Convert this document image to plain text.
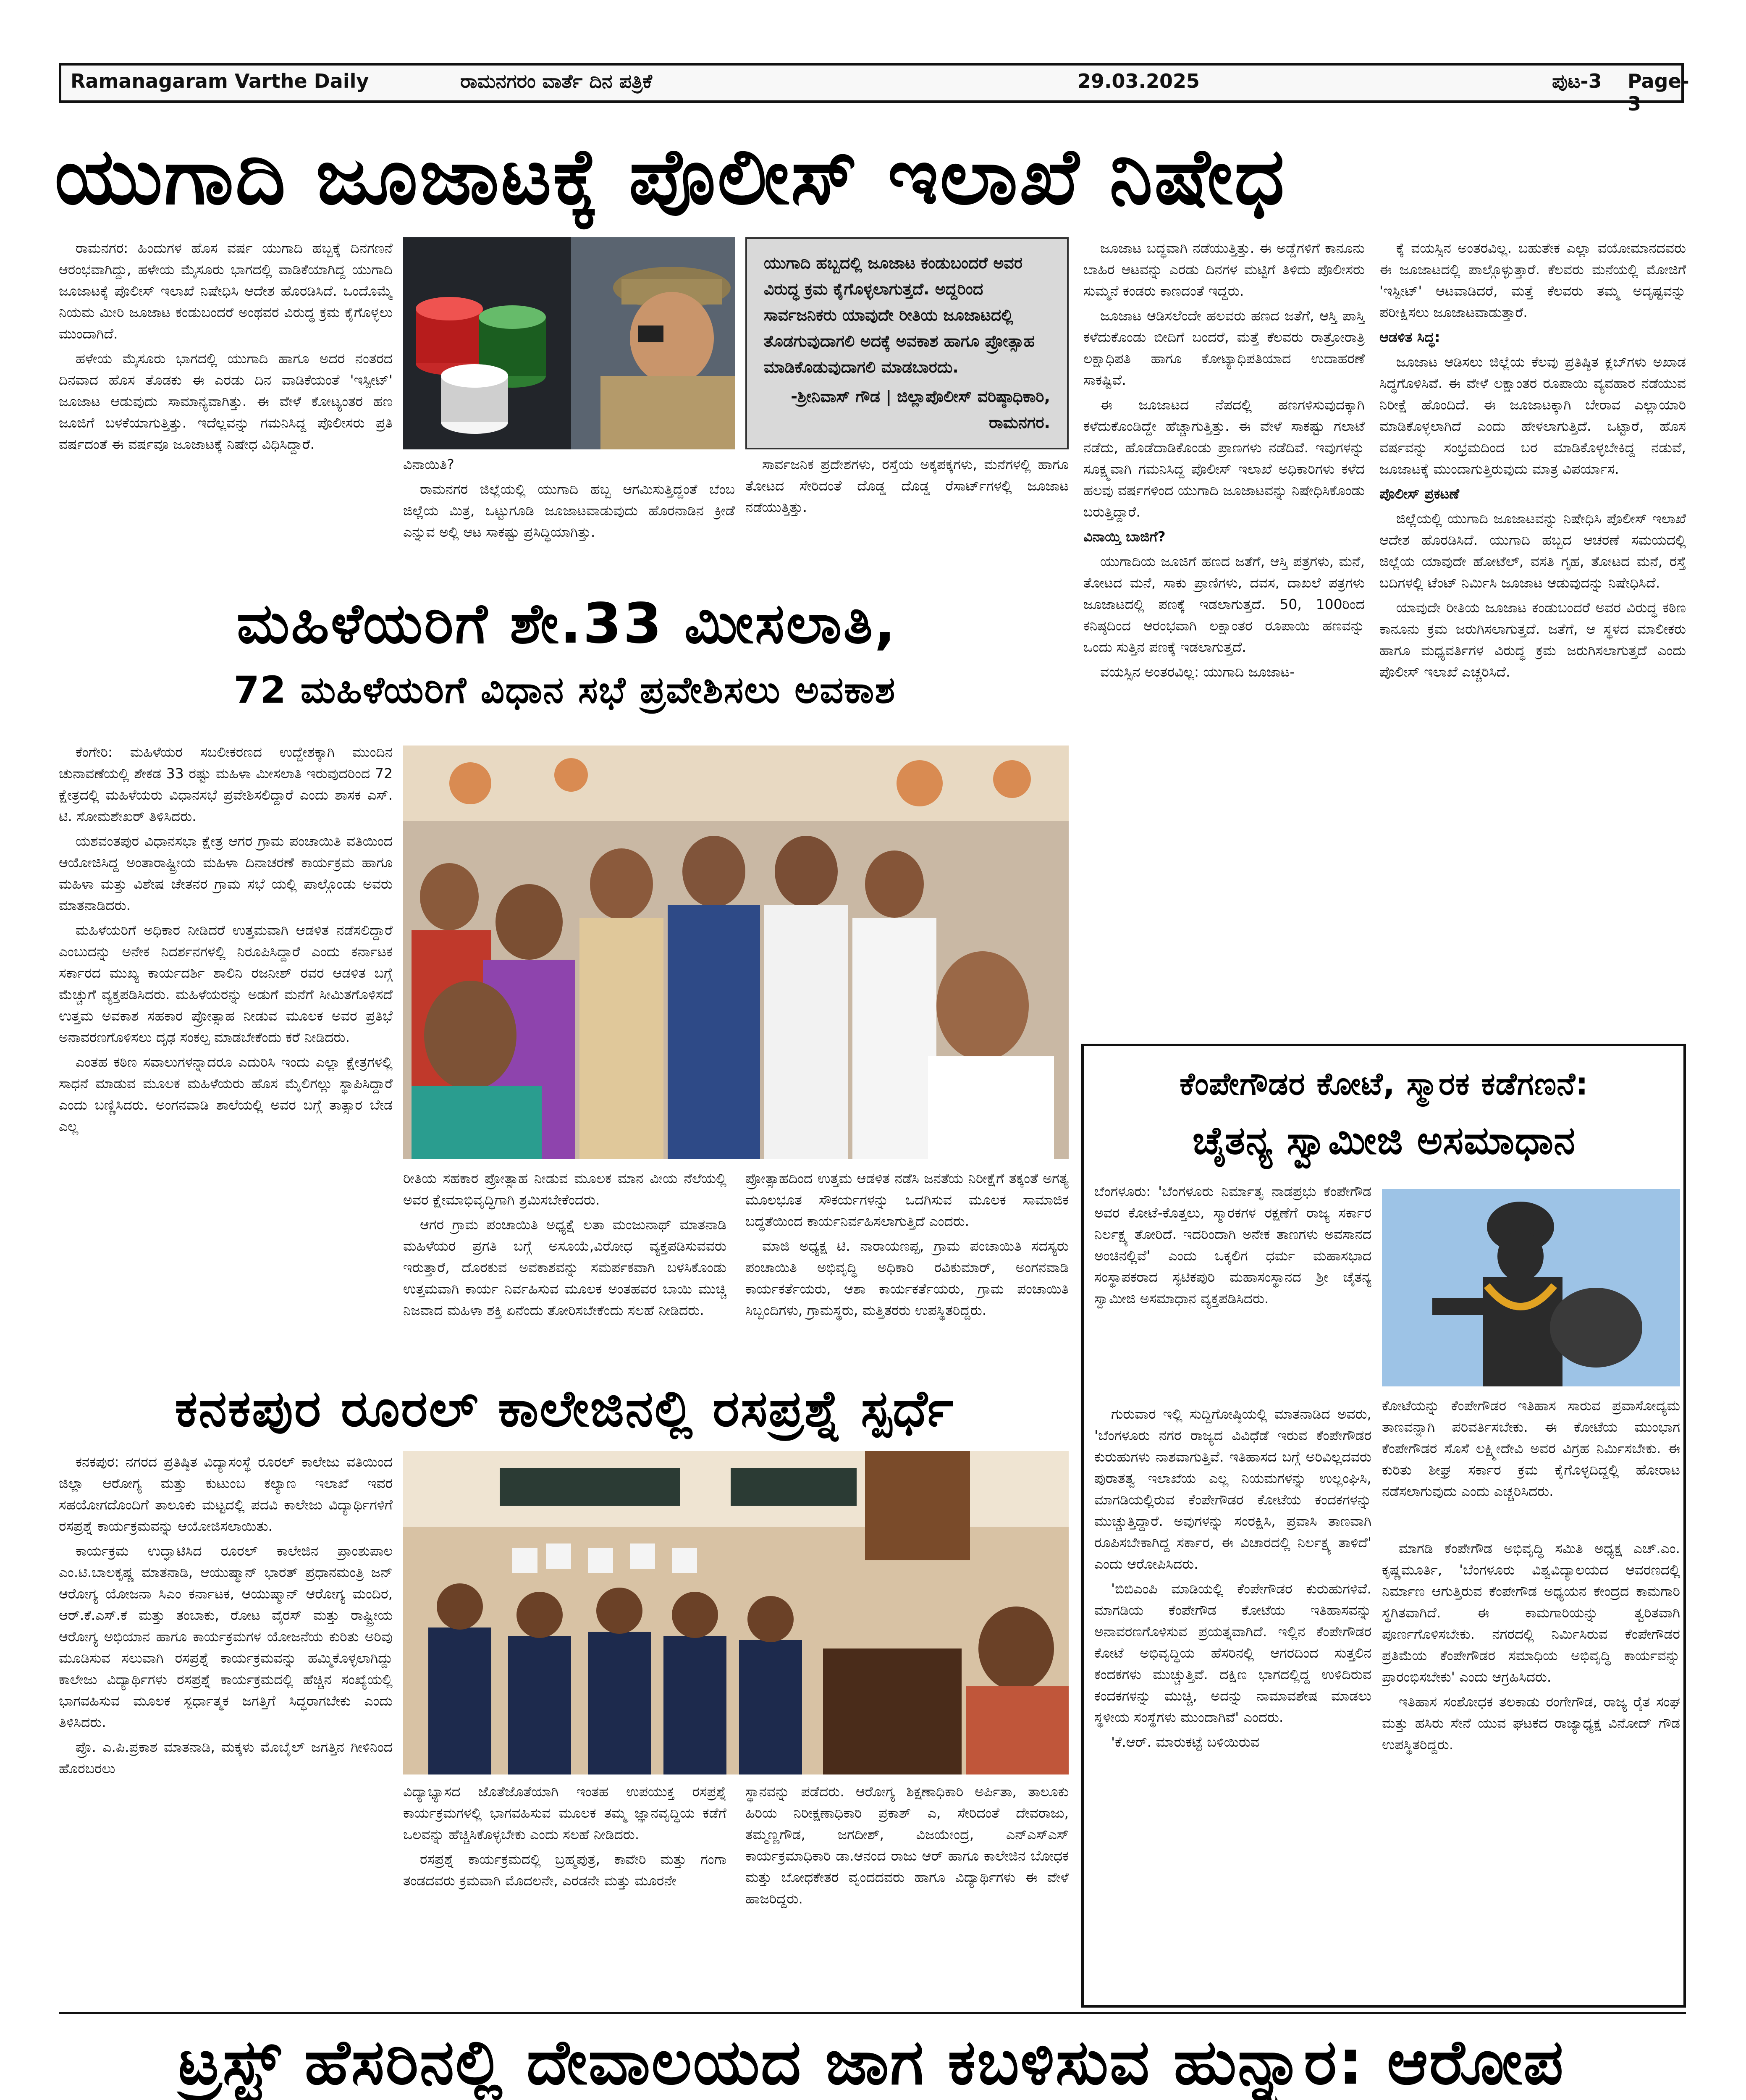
Ramanagaram Varthe Daily	ರಾಮನಗರಂ ವಾರ್ತೆ ದಿನ ಪತ್ರಿಕೆ	29.03.2025	ಪುಟ-3 Page-3
ಯುಗಾದಿ ಜೂಜಾಟಕ್ಕೆ ಪೊಲೀಸ್ ಇಲಾಖೆ ನಿಷೇಧ

ರಾಮನಗರ: ಹಿಂದುಗಳ ಹೊಸ ವರ್ಷ ಯುಗಾದಿ ಹಬ್ಬಕ್ಕೆ ದಿನಗಣನೆ ಆರಂಭವಾಗಿದ್ದು, ಹಳೇಯ ಮೈಸೂರು ಭಾಗದಲ್ಲಿ ವಾಡಿಕೆಯಾಗಿದ್ದ ಯುಗಾದಿ ಜೂಜಾಟಕ್ಕೆ ಪೊಲೀಸ್ ಇಲಾಖೆ ನಿಷೇಧಿಸಿ ಆದೇಶ ಹೊರಡಿಸಿದೆ. ಒಂದೊಮ್ಮೆ ನಿಯಮ ಮೀರಿ ಜೂಜಾಟ ಕಂಡುಬಂದರೆ ಅಂಥವರ ವಿರುದ್ಧ ಕ್ರಮ ಕೈಗೊಳ್ಳಲು ಮುಂದಾಗಿದೆ.

ಹಳೇಯ ಮೈಸೂರು ಭಾಗದಲ್ಲಿ ಯುಗಾದಿ ಹಾಗೂ ಅದರ ನಂತರದ ದಿನವಾದ ಹೊಸ ತೊಡಕು ಈ ಎರಡು ದಿನ ವಾಡಿಕೆಯಂತೆ 'ಇಸ್ಪೀಟ್' ಜೂಜಾಟ ಆಡುವುದು ಸಾಮಾನ್ಯವಾಗಿತ್ತು. ಈ ವೇಳೆ ಕೋಟ್ಯಂತರ ಹಣ ಜೂಜಿಗೆ ಬಳಕೆಯಾಗುತ್ತಿತ್ತು. ಇದೆಲ್ಲವನ್ನು ಗಮನಿಸಿದ್ದ ಪೊಲೀಸರು ಪ್ರತಿ ವರ್ಷದಂತೆ ಈ ವರ್ಷವೂ ಜೂಜಾಟಕ್ಕೆ ನಿಷೇಧ ವಿಧಿಸಿದ್ದಾರೆ.

ವಿನಾಯಿತಿ?

ರಾಮನಗರ ಜಿಲ್ಲೆಯಲ್ಲಿ ಯುಗಾದಿ ಹಬ್ಬ ಆಗಮಿಸುತ್ತಿದ್ದಂತೆ ಬೆಂಬ ಜಿಲ್ಲೆಯ ಮಿತ್ರ, ಒಟ್ಟುಗೂಡಿ ಜೂಜಾಟವಾಡುವುದು ಹೊರನಾಡಿನ ಕ್ರೀಡೆ ಎನ್ನುವ ಅಲ್ಲಿ ಆಟ ಸಾಕಷ್ಟು ಪ್ರಸಿದ್ಧಿಯಾಗಿತ್ತು.

ಯುಗಾದಿ ಹಬ್ಬದಲ್ಲಿ ಜೂಜಾಟ ಕಂಡುಬಂದರೆ ಅವರ ವಿರುದ್ಧ ಕ್ರಮ ಕೈಗೊಳ್ಳಲಾಗುತ್ತದೆ. ಅದ್ದರಿಂದ ಸಾರ್ವಜನಿಕರು ಯಾವುದೇ ರೀತಿಯ ಜೂಜಾಟದಲ್ಲಿ ತೊಡಗುವುದಾಗಲಿ ಅದಕ್ಕೆ ಅವಕಾಶ ಹಾಗೂ ಪ್ರೋತ್ಸಾಹ ಮಾಡಿಕೊಡುವುದಾಗಲಿ ಮಾಡಬಾರದು.
-ಶ್ರೀನಿವಾಸ್ ಗೌಡ | ಜಿಲ್ಲಾಪೊಲೀಸ್ ವರಿಷ್ಠಾಧಿಕಾರಿ, ರಾಮನಗರ.

ಸಾರ್ವಜನಿಕ ಪ್ರದೇಶಗಳು, ರಸ್ತೆಯ ಅಕ್ಕಪಕ್ಕಗಳು, ಮನೆಗಳಲ್ಲಿ ಹಾಗೂ ತೋಟದ ಸೇರಿದಂತೆ ದೊಡ್ಡ ದೊಡ್ಡ ರೆಸಾರ್ಟ್‌ಗಳಲ್ಲಿ ಜೂಜಾಟ ನಡೆಯುತ್ತಿತ್ತು.

ಜೂಜಾಟ ಬದ್ಧವಾಗಿ ನಡೆಯುತ್ತಿತ್ತು. ಈ ಅಡ್ಡೆಗಳಿಗೆ ಕಾನೂನು ಬಾಹಿರ ಆಟವನ್ನು ಎರಡು ದಿನಗಳ ಮಟ್ಟಿಗೆ ತಿಳಿದು ಪೊಲೀಸರು ಸುಮ್ಮನೆ ಕಂಡರು ಕಾಣದಂತೆ ಇದ್ದರು.

ಜೂಜಾಟ ಆಡಿಸಲೆಂದೇ ಹಲವರು ಹಣದ ಜತೆಗೆ, ಆಸ್ತಿ ಪಾಸ್ತಿ ಕಳೆದುಕೊಂಡು ಬೀದಿಗೆ ಬಂದರೆ, ಮತ್ತೆ ಕೆಲವರು ರಾತ್ರೋರಾತ್ರಿ ಲಕ್ಷಾಧಿಪತಿ ಹಾಗೂ ಕೋಟ್ಯಾಧಿಪತಿಯಾದ ಉದಾಹರಣೆ ಸಾಕಷ್ಟಿವೆ.

ಈ ಜೂಜಾಟದ ನೆಪದಲ್ಲಿ ಹಣಗಳಿಸುವುದಕ್ಕಾಗಿ ಕಳೆದುಕೊಂಡಿದ್ದೇ ಹೆಚ್ಚಾಗುತ್ತಿತ್ತು. ಈ ವೇಳೆ ಸಾಕಷ್ಟು ಗಲಾಟೆ ನಡೆದು, ಹೊಡೆದಾಡಿಕೊಂಡು ಪ್ರಾಣಗಳು ನಡೆದಿವೆ. ಇವುಗಳನ್ನು ಸೂಕ್ಷ್ಮವಾಗಿ ಗಮನಿಸಿದ್ದ ಪೊಲೀಸ್ ಇಲಾಖೆ ಅಧಿಕಾರಿಗಳು ಕಳೆದ ಹಲವು ವರ್ಷಗಳಿಂದ ಯುಗಾದಿ ಜೂಜಾಟವನ್ನು ನಿಷೇಧಿಸಿಕೊಂಡು ಬರುತ್ತಿದ್ದಾರೆ.

ವಿನಾಯ್ತಿ ಬಾಜಿಗೆ?

ಯುಗಾದಿಯ ಜೂಜಿಗೆ ಹಣದ ಜತೆಗೆ, ಆಸ್ತಿ ಪತ್ರಗಳು, ಮನೆ, ತೋಟದ ಮನೆ, ಸಾಕು ಪ್ರಾಣಿಗಳು, ದವಸ, ದಾಖಲೆ ಪತ್ರಗಳು ಜೂಜಾಟದಲ್ಲಿ ಪಣಕ್ಕೆ ಇಡಲಾಗುತ್ತದೆ. 50, 100ರಿಂದ ಕನಿಷ್ಠದಿಂದ ಆರಂಭವಾಗಿ ಲಕ್ಷಾಂತರ ರೂಪಾಯಿ ಹಣವನ್ನು ಒಂದು ಸುತ್ತಿನ ಪಣಕ್ಕೆ ಇಡಲಾಗುತ್ತದೆ.

ವಯಸ್ಸಿನ ಅಂತರವಿಲ್ಲ: ಯುಗಾದಿ ಜೂಜಾಟ-

ಕ್ಕೆ ವಯಸ್ಸಿನ ಅಂತರವಿಲ್ಲ. ಬಹುತೇಕ ಎಲ್ಲಾ ವಯೋಮಾನದವರು ಈ ಜೂಜಾಟದಲ್ಲಿ ಪಾಲ್ಗೊಳ್ಳುತ್ತಾರೆ. ಕೆಲವರು ಮನೆಯಲ್ಲಿ ಮೋಜಿಗೆ 'ಇಸ್ಪೀಟ್' ಆಟವಾಡಿದರೆ, ಮತ್ತೆ ಕೆಲವರು ತಮ್ಮ ಅದೃಷ್ಟವನ್ನು ಪರೀಕ್ಷಿಸಲು ಜೂಜಾಟವಾಡುತ್ತಾರೆ.

ಆಡಳಿತ ಸಿದ್ಧ:

ಜೂಜಾಟ ಆಡಿಸಲು ಜಿಲ್ಲೆಯ ಕೆಲವು ಪ್ರತಿಷ್ಠಿತ ಕ್ಲಬ್‌ಗಳು ಅಖಾಡ ಸಿದ್ಧಗೊಳಿಸಿವೆ. ಈ ವೇಳೆ ಲಕ್ಷಾಂತರ ರೂಪಾಯಿ ವ್ಯವಹಾರ ನಡೆಯುವ ನಿರೀಕ್ಷೆ ಹೊಂದಿದೆ. ಈ ಜೂಜಾಟಕ್ಕಾಗಿ ಬೇರಾವ ಎಲ್ಲಾಯಾರಿ ಮಾಡಿಕೊಳ್ಳಲಾಗಿದೆ ಎಂದು ಹೇಳಲಾಗುತ್ತಿದೆ. ಒಟ್ಟಾರೆ, ಹೊಸ ವರ್ಷವನ್ನು ಸಂಭ್ರಮದಿಂದ ಬರ ಮಾಡಿಕೊಳ್ಳಬೇಕಿದ್ದ ನಡುವೆ, ಜೂಜಾಟಕ್ಕೆ ಮುಂದಾಗುತ್ತಿರುವುದು ಮಾತ್ರ ವಿಪರ್ಯಾಸ.

ಪೊಲೀಸ್ ಪ್ರಕಟಣೆ

ಜಿಲ್ಲೆಯಲ್ಲಿ ಯುಗಾದಿ ಜೂಜಾಟವನ್ನು ನಿಷೇಧಿಸಿ ಪೊಲೀಸ್ ಇಲಾಖೆ ಆದೇಶ ಹೊರಡಿಸಿದೆ. ಯುಗಾದಿ ಹಬ್ಬದ ಆಚರಣೆ ಸಮಯದಲ್ಲಿ ಜಿಲ್ಲೆಯ ಯಾವುದೇ ಹೋಟೆಲ್, ವಸತಿ ಗೃಹ, ತೋಟದ ಮನೆ, ರಸ್ತೆ ಬದಿಗಳಲ್ಲಿ ಟೆಂಟ್ ನಿರ್ಮಿಸಿ ಜೂಜಾಟ ಆಡುವುದನ್ನು ನಿಷೇಧಿಸಿದೆ.

ಯಾವುದೇ ರೀತಿಯ ಜೂಜಾಟ ಕಂಡುಬಂದರೆ ಅವರ ವಿರುದ್ಧ ಕಠಿಣ ಕಾನೂನು ಕ್ರಮ ಜರುಗಿಸಲಾಗುತ್ತದೆ. ಜತೆಗೆ, ಆ ಸ್ಥಳದ ಮಾಲೀಕರು ಹಾಗೂ ಮಧ್ಯವರ್ತಿಗಳ ವಿರುದ್ಧ ಕ್ರಮ ಜರುಗಿಸಲಾಗುತ್ತದೆ ಎಂದು ಪೊಲೀಸ್ ಇಲಾಖೆ ಎಚ್ಚರಿಸಿದೆ.

ಮಹಿಳೆಯರಿಗೆ ಶೇ.33 ಮೀಸಲಾತಿ,
72 ಮಹಿಳೆಯರಿಗೆ ವಿಧಾನ ಸಭೆ ಪ್ರವೇಶಿಸಲು ಅವಕಾಶ

ಕೆಂಗೇರಿ: ಮಹಿಳೆಯರ ಸಬಲೀಕರಣದ ಉದ್ದೇಶಕ್ಕಾಗಿ ಮುಂದಿನ ಚುನಾವಣೆಯಲ್ಲಿ ಶೇಕಡ 33 ರಷ್ಟು ಮಹಿಳಾ ಮೀಸಲಾತಿ ಇರುವುದರಿಂದ 72 ಕ್ಷೇತ್ರದಲ್ಲಿ ಮಹಿಳೆಯರು ವಿಧಾನಸಭೆ ಪ್ರವೇಶಿಸಲಿದ್ದಾರೆ ಎಂದು ಶಾಸಕ ಎಸ್. ಟಿ. ಸೋಮಶೇಖರ್ ತಿಳಿಸಿದರು.

ಯಶವಂತಪುರ ವಿಧಾನಸಭಾ ಕ್ಷೇತ್ರ ಆಗರ ಗ್ರಾಮ ಪಂಚಾಯಿತಿ ವತಿಯಿಂದ ಆಯೋಜಿಸಿದ್ದ ಅಂತಾರಾಷ್ಟ್ರೀಯ ಮಹಿಳಾ ದಿನಾಚರಣೆ ಕಾರ್ಯಕ್ರಮ ಹಾಗೂ ಮಹಿಳಾ ಮತ್ತು ವಿಶೇಷ ಚೇತನರ ಗ್ರಾಮ ಸಭೆ ಯಲ್ಲಿ ಪಾಲ್ಗೊಂಡು ಅವರು ಮಾತನಾಡಿದರು.

ಮಹಿಳೆಯರಿಗೆ ಅಧಿಕಾರ ನೀಡಿದರೆ ಉತ್ತಮವಾಗಿ ಆಡಳಿತ ನಡೆಸಲಿದ್ದಾರೆ ಎಂಬುದನ್ನು ಅನೇಕ ನಿದರ್ಶನಗಳಲ್ಲಿ ನಿರೂಪಿಸಿದ್ದಾರೆ ಎಂದು ಕರ್ನಾಟಕ ಸರ್ಕಾರದ ಮುಖ್ಯ ಕಾರ್ಯದರ್ಶಿ ಶಾಲಿನಿ ರಜನೀಶ್ ರವರ ಆಡಳಿತ ಬಗ್ಗೆ ಮೆಚ್ಚುಗೆ ವ್ಯಕ್ತಪಡಿಸಿದರು. ಮಹಿಳೆಯರನ್ನು ಅಡುಗೆ ಮನೆಗೆ ಸೀಮಿತಗೊಳಿಸದೆ ಉತ್ತಮ ಅವಕಾಶ ಸಹಕಾರ ಪ್ರೋತ್ಸಾಹ ನೀಡುವ ಮೂಲಕ ಅವರ ಪ್ರತಿಭೆ ಅನಾವರಣಗೊಳಿಸಲು ದೃಢ ಸಂಕಲ್ಪ ಮಾಡಬೇಕೆಂದು ಕರೆ ನೀಡಿದರು.

ಎಂತಹ ಕಠಿಣ ಸವಾಲುಗಳನ್ನಾದರೂ ಎದುರಿಸಿ ಇಂದು ಎಲ್ಲಾ ಕ್ಷೇತ್ರಗಳಲ್ಲಿ ಸಾಧನೆ ಮಾಡುವ ಮೂಲಕ ಮಹಿಳೆಯರು ಹೊಸ ಮೈಲಿಗಲ್ಲು ಸ್ಥಾಪಿಸಿದ್ದಾರೆ ಎಂದು ಬಣ್ಣಿಸಿದರು. ಅಂಗನವಾಡಿ ಶಾಲೆಯಲ್ಲಿ ಅವರ ಬಗ್ಗೆ ತಾತ್ಸಾರ ಬೇಡ ಎಲ್ಲ

ರೀತಿಯ ಸಹಕಾರ ಪ್ರೋತ್ಸಾಹ ನೀಡುವ ಮೂಲಕ ಮಾನ ವೀಯ ನೆಲೆಯಲ್ಲಿ ಅವರ ಕ್ಷೇಮಾಭಿವೃದ್ಧಿಗಾಗಿ ಶ್ರಮಿಸಬೇಕೆಂದರು.

ಆಗರ ಗ್ರಾಮ ಪಂಚಾಯಿತಿ ಅಧ್ಯಕ್ಷೆ ಲತಾ ಮಂಜುನಾಥ್ ಮಾತನಾಡಿ ಮಹಿಳೆಯರ ಪ್ರಗತಿ ಬಗ್ಗೆ ಅಸೂಯೆ,ವಿರೋಧ ವ್ಯಕ್ತಪಡಿಸುವವರು ಇರುತ್ತಾರೆ, ದೊರಕುವ ಅವಕಾಶವನ್ನು ಸಮರ್ಪಕವಾಗಿ ಬಳಸಿಕೊಂಡು ಉತ್ತಮವಾಗಿ ಕಾರ್ಯ ನಿರ್ವಹಿಸುವ ಮೂಲಕ ಅಂತಹವರ ಬಾಯಿ ಮುಚ್ಚಿ ನಿಜವಾದ ಮಹಿಳಾ ಶಕ್ತಿ ಏನೆಂದು ತೋರಿಸಬೇಕೆಂದು ಸಲಹೆ ನೀಡಿದರು.

ಪ್ರೋತ್ಸಾಹದಿಂದ ಉತ್ತಮ ಆಡಳಿತ ನಡೆಸಿ ಜನತೆಯ ನಿರೀಕ್ಷೆಗೆ ತಕ್ಕಂತೆ ಅಗತ್ಯ ಮೂಲಭೂತ ಸೌಕರ್ಯಗಳನ್ನು ಒದಗಿಸುವ ಮೂಲಕ ಸಾಮಾಜಿಕ ಬದ್ಧತೆಯಿಂದ ಕಾರ್ಯನಿರ್ವಹಿಸಲಾಗುತ್ತಿದೆ ಎಂದರು.

ಮಾಜಿ ಅಧ್ಯಕ್ಷ ಟಿ. ನಾರಾಯಣಪ್ಪ, ಗ್ರಾಮ ಪಂಚಾಯಿತಿ ಸದಸ್ಯರು ಪಂಚಾಯಿತಿ ಅಭಿವೃದ್ಧಿ ಅಧಿಕಾರಿ ರವಿಕುಮಾರ್, ಅಂಗನವಾಡಿ ಕಾರ್ಯಕರ್ತೆಯರು, ಆಶಾ ಕಾರ್ಯಕರ್ತೆಯರು, ಗ್ರಾಮ ಪಂಚಾಯಿತಿ ಸಿಬ್ಬಂದಿಗಳು, ಗ್ರಾಮಸ್ಥರು, ಮತ್ತಿತರರು ಉಪಸ್ಥಿತರಿದ್ದರು.

ಕೆಂಪೇಗೌಡರ ಕೋಟೆ, ಸ್ಮಾರಕ ಕಡೆಗಣನೆ:
ಚೈತನ್ಯ ಸ್ವಾಮೀಜಿ ಅಸಮಾಧಾನ

ಬೆಂಗಳೂರು: 'ಬೆಂಗಳೂರು ನಿರ್ಮಾತೃ ನಾಡಪ್ರಭು ಕೆಂಪೇಗೌಡ ಅವರ ಕೋಟೆ-ಕೊತ್ತಲು, ಸ್ಮಾರಕಗಳ ರಕ್ಷಣೆಗೆ ರಾಜ್ಯ ಸರ್ಕಾರ ನಿರ್ಲಕ್ಷ್ಯ ತೋರಿದೆ. ಇದರಿಂದಾಗಿ ಅನೇಕ ತಾಣಗಳು ಅವಸಾನದ ಅಂಚಿನಲ್ಲಿವೆ' ಎಂದು ಒಕ್ಕಲಿಗ ಧರ್ಮ ಮಹಾಸಭಾದ ಸಂಸ್ಥಾಪಕರಾದ ಸ್ಫಟಿಕಪುರಿ ಮಹಾಸಂಸ್ಥಾನದ ಶ್ರೀ ಚೈತನ್ಯ ಸ್ವಾಮೀಜಿ ಅಸಮಾಧಾನ ವ್ಯಕ್ತಪಡಿಸಿದರು.

ಕೋಟೆಯನ್ನು ಕೆಂಪೇಗೌಡರ ಇತಿಹಾಸ ಸಾರುವ ಪ್ರವಾಸೋದ್ಯಮ ತಾಣವನ್ನಾಗಿ ಪರಿವರ್ತಿಸಬೇಕು. ಈ ಕೋಟೆಯ ಮುಂಭಾಗ ಕೆಂಪೇಗೌಡರ ಸೊಸೆ ಲಕ್ಷ್ಮೀದೇವಿ ಅವರ ವಿಗ್ರಹ ನಿರ್ಮಿಸಬೇಕು. ಈ ಕುರಿತು ಶೀಘ್ರ ಸರ್ಕಾರ ಕ್ರಮ ಕೈಗೊಳ್ಳದಿದ್ದಲ್ಲಿ ಹೋರಾಟ ನಡೆಸಲಾಗುವುದು ಎಂದು ಎಚ್ಚರಿಸಿದರು.

ಗುರುವಾರ ಇಲ್ಲಿ ಸುದ್ದಿಗೋಷ್ಠಿಯಲ್ಲಿ ಮಾತನಾಡಿದ ಅವರು, 'ಬೆಂಗಳೂರು ನಗರ ರಾಜ್ಯದ ವಿವಿಧೆಡೆ ಇರುವ ಕೆಂಪೇಗೌಡರ ಕುರುಹುಗಳು ನಾಶವಾಗುತ್ತಿವೆ. ಇತಿಹಾಸದ ಬಗ್ಗೆ ಅರಿವಿಲ್ಲದವರು ಪುರಾತತ್ವ ಇಲಾಖೆಯ ಎಲ್ಲ ನಿಯಮಗಳನ್ನು ಉಲ್ಲಂಘಿಸಿ, ಮಾಗಡಿಯಲ್ಲಿರುವ ಕೆಂಪೇಗೌಡರ ಕೋಟೆಯ ಕಂದಕಗಳನ್ನು ಮುಚ್ಚುತ್ತಿದ್ದಾರೆ. ಅವುಗಳನ್ನು ಸಂರಕ್ಷಿಸಿ, ಪ್ರವಾಸಿ ತಾಣವಾಗಿ ರೂಪಿಸಬೇಕಾಗಿದ್ದ ಸರ್ಕಾರ, ಈ ವಿಚಾರದಲ್ಲಿ ನಿರ್ಲಕ್ಷ್ಯ ತಾಳಿದೆ' ಎಂದು ಆರೋಪಿಸಿದರು.

'ಬಿಬಿಎಂಪಿ ಮಾಡಿಯಲ್ಲಿ ಕೆಂಪೇಗೌಡರ ಕುರುಹುಗಳಿವೆ. ಮಾಗಡಿಯ ಕೆಂಪೇಗೌಡ ಕೋಟೆಯ ಇತಿಹಾಸವನ್ನು ಅನಾವರಣಗೊಳಿಸುವ ಪ್ರಯತ್ನವಾಗಿದೆ. ಇಲ್ಲಿನ ಕೆಂಪೇಗೌಡರ ಕೋಟೆ ಅಭಿವೃದ್ಧಿಯ ಹೆಸರಿನಲ್ಲಿ ಆಗರದಿಂದ ಸುತ್ತಲಿನ ಕಂದಕಗಳು ಮುಚ್ಚುತ್ತಿವೆ. ದಕ್ಷಿಣ ಭಾಗದಲ್ಲಿದ್ದ ಉಳಿದಿರುವ ಕಂದಕಗಳನ್ನು ಮುಚ್ಚಿ, ಅದನ್ನು ನಾಮಾವಶೇಷ ಮಾಡಲು ಸ್ಥಳೀಯ ಸಂಸ್ಥೆಗಳು ಮುಂದಾಗಿವೆ' ಎಂದರು.

'ಕೆ.ಆರ್. ಮಾರುಕಟ್ಟೆ ಬಳಿಯಿರುವ

ಮಾಗಡಿ ಕೆಂಪೇಗೌಡ ಅಭಿವೃದ್ಧಿ ಸಮಿತಿ ಅಧ್ಯಕ್ಷ ಎಚ್.ಎಂ. ಕೃಷ್ಣಮೂರ್ತಿ, 'ಬೆಂಗಳೂರು ವಿಶ್ವವಿದ್ಯಾಲಯದ ಆವರಣದಲ್ಲಿ ನಿರ್ಮಾಣ ಆಗುತ್ತಿರುವ ಕೆಂಪೇಗೌಡ ಅಧ್ಯಯನ ಕೇಂದ್ರದ ಕಾಮಗಾರಿ ಸ್ಥಗಿತವಾಗಿದೆ. ಈ ಕಾಮಗಾರಿಯನ್ನು ತ್ವರಿತವಾಗಿ ಪೂರ್ಣಗೊಳಿಸಬೇಕು. ನಗರದಲ್ಲಿ ನಿರ್ಮಿಸಿರುವ ಕೆಂಪೇಗೌಡರ ಪ್ರತಿಮೆಯ ಕೆಂಪೇಗೌಡರ ಸಮಾಧಿಯ ಅಭಿವೃದ್ಧಿ ಕಾರ್ಯವನ್ನು ಪ್ರಾರಂಭಿಸಬೇಕು' ಎಂದು ಆಗ್ರಹಿಸಿದರು.

ಇತಿಹಾಸ ಸಂಶೋಧಕ ತಲಕಾಡು ರಂಗೇಗೌಡ, ರಾಜ್ಯ ರೈತ ಸಂಘ ಮತ್ತು ಹಸಿರು ಸೇನೆ ಯುವ ಘಟಕದ ರಾಜ್ಯಾಧ್ಯಕ್ಷ ವಿನೋದ್ ಗೌಡ ಉಪಸ್ಥಿತರಿದ್ದರು.

ಕನಕಪುರ ರೂರಲ್ ಕಾಲೇಜಿನಲ್ಲಿ ರಸಪ್ರಶ್ನೆ ಸ್ಪರ್ಧೆ

ಕನಕಪುರ: ನಗರದ ಪ್ರತಿಷ್ಠಿತ ವಿದ್ಯಾಸಂಸ್ಥೆ ರೂರಲ್ ಕಾಲೇಜು ವತಿಯಿಂದ ಜಿಲ್ಲಾ ಆರೋಗ್ಯ ಮತ್ತು ಕುಟುಂಬ ಕಲ್ಯಾಣ ಇಲಾಖೆ ಇವರ ಸಹಯೋಗದೊಂದಿಗೆ ತಾಲೂಕು ಮಟ್ಟದಲ್ಲಿ ಪದವಿ ಕಾಲೇಜು ವಿದ್ಯಾರ್ಥಿಗಳಿಗೆ ರಸಪ್ರಶ್ನೆ ಕಾರ್ಯಕ್ರಮವನ್ನು ಆಯೋಜಿಸಲಾಯಿತು.

ಕಾರ್ಯಕ್ರಮ ಉದ್ಘಾಟಿಸಿದ ರೂರಲ್ ಕಾಲೇಜಿನ ಪ್ರಾಂಶುಪಾಲ ಎಂ.ಟಿ.ಬಾಲಕೃಷ್ಣ ಮಾತನಾಡಿ, ಆಯುಷ್ಮಾನ್ ಭಾರತ್ ಪ್ರಧಾನಮಂತ್ರಿ ಜನ್ ಆರೋಗ್ಯ ಯೋಜನಾ ಸಿಎಂ ಕರ್ನಾಟಕ, ಆಯುಷ್ಮಾನ್ ಆರೋಗ್ಯ ಮಂದಿರ, ಆರ್.ಕೆ.ಎಸ್.ಕೆ ಮತ್ತು ತಂಬಾಕು, ರೋಟ ವೈರಸ್ ಮತ್ತು ರಾಷ್ಟ್ರೀಯ ಆರೋಗ್ಯ ಅಭಿಯಾನ ಹಾಗೂ ಕಾರ್ಯಕ್ರಮಗಳ ಯೋಜನೆಯ ಕುರಿತು ಅರಿವು ಮೂಡಿಸುವ ಸಲುವಾಗಿ ರಸಪ್ರಶ್ನೆ ಕಾರ್ಯಕ್ರಮವನ್ನು ಹಮ್ಮಿಕೊಳ್ಳಲಾಗಿದ್ದು ಕಾಲೇಜು ವಿದ್ಯಾರ್ಥಿಗಳು ರಸಪ್ರಶ್ನೆ ಕಾರ್ಯಕ್ರಮದಲ್ಲಿ ಹೆಚ್ಚಿನ ಸಂಖ್ಯೆಯಲ್ಲಿ ಭಾಗವಹಿಸುವ ಮೂಲಕ ಸ್ಪರ್ಧಾತ್ಮಕ ಜಗತ್ತಿಗೆ ಸಿದ್ಧರಾಗಬೇಕು ಎಂದು ತಿಳಿಸಿದರು.

ಪ್ರೊ. ಎ.ಪಿ.ಪ್ರಕಾಶ ಮಾತನಾಡಿ, ಮಕ್ಕಳು ಮೊಬೈಲ್ ಜಗತ್ತಿನ ಗೀಳಿನಿಂದ ಹೊರಬರಲು

ವಿದ್ಯಾಭ್ಯಾಸದ ಜೊತೆಜೊತೆಯಾಗಿ ಇಂತಹ ಉಪಯುಕ್ತ ರಸಪ್ರಶ್ನೆ ಕಾರ್ಯಕ್ರಮಗಳಲ್ಲಿ ಭಾಗವಹಿಸುವ ಮೂಲಕ ತಮ್ಮ ಜ್ಞಾನವೃದ್ಧಿಯ ಕಡೆಗೆ ಒಲವನ್ನು ಹೆಚ್ಚಿಸಿಕೊಳ್ಳಬೇಕು ಎಂದು ಸಲಹೆ ನೀಡಿದರು.

ರಸಪ್ರಶ್ನೆ ಕಾರ್ಯಕ್ರಮದಲ್ಲಿ ಬ್ರಹ್ಮಪುತ್ರ, ಕಾವೇರಿ ಮತ್ತು ಗಂಗಾ ತಂಡದವರು ಕ್ರಮವಾಗಿ ಮೊದಲನೇ, ಎರಡನೇ ಮತ್ತು ಮೂರನೇ

ಸ್ಥಾನವನ್ನು ಪಡೆದರು. ಆರೋಗ್ಯ ಶಿಕ್ಷಣಾಧಿಕಾರಿ ಅರ್ಪಿತಾ, ತಾಲೂಕು ಹಿರಿಯ ನಿರೀಕ್ಷಣಾಧಿಕಾರಿ ಪ್ರಕಾಶ್ ಎ, ಸೇರಿದಂತೆ ದೇವರಾಜು, ತಮ್ಮಣ್ಣಗೌಡ, ಜಗದೀಶ್, ವಿಜಯೇಂದ್ರ, ಎನ್‌ಎಸ್‌ಎಸ್ ಕಾರ್ಯಕ್ರಮಾಧಿಕಾರಿ ಡಾ.ಆನಂದ ರಾಜು ಆರ್ ಹಾಗೂ ಕಾಲೇಜಿನ ಬೋಧಕ ಮತ್ತು ಬೋಧಕೇತರ ವೃಂದದವರು ಹಾಗೂ ವಿದ್ಯಾರ್ಥಿಗಳು ಈ ವೇಳೆ ಹಾಜರಿದ್ದರು.

ಟ್ರಸ್ಟ್ ಹೆಸರಿನಲ್ಲಿ ದೇವಾಲಯದ ಜಾಗ ಕಬಳಿಸುವ ಹುನ್ನಾರ: ಆರೋಪ
